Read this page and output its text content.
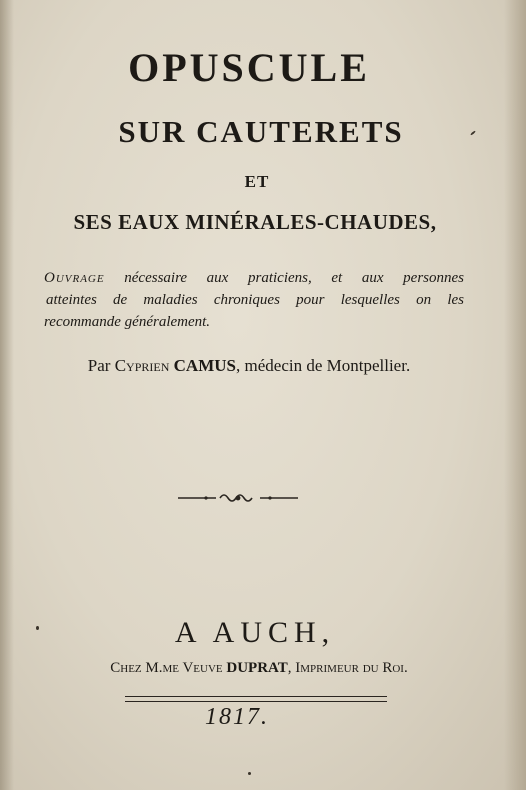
OPUSCULE
SUR CAUTERETS
ET
SES EAUX MINÉRALES-CHAUDES,
Ouvrage nécessaire aux praticiens, et aux personnes
atteintes de maladies chroniques pour lesquelles on les
recommande généralement.
Par Cyprien CAMUS, médecin de Montpellier.
A AUCH,
Chez M.me Veuve DUPRAT, Imprimeur du Roi.
1817.
